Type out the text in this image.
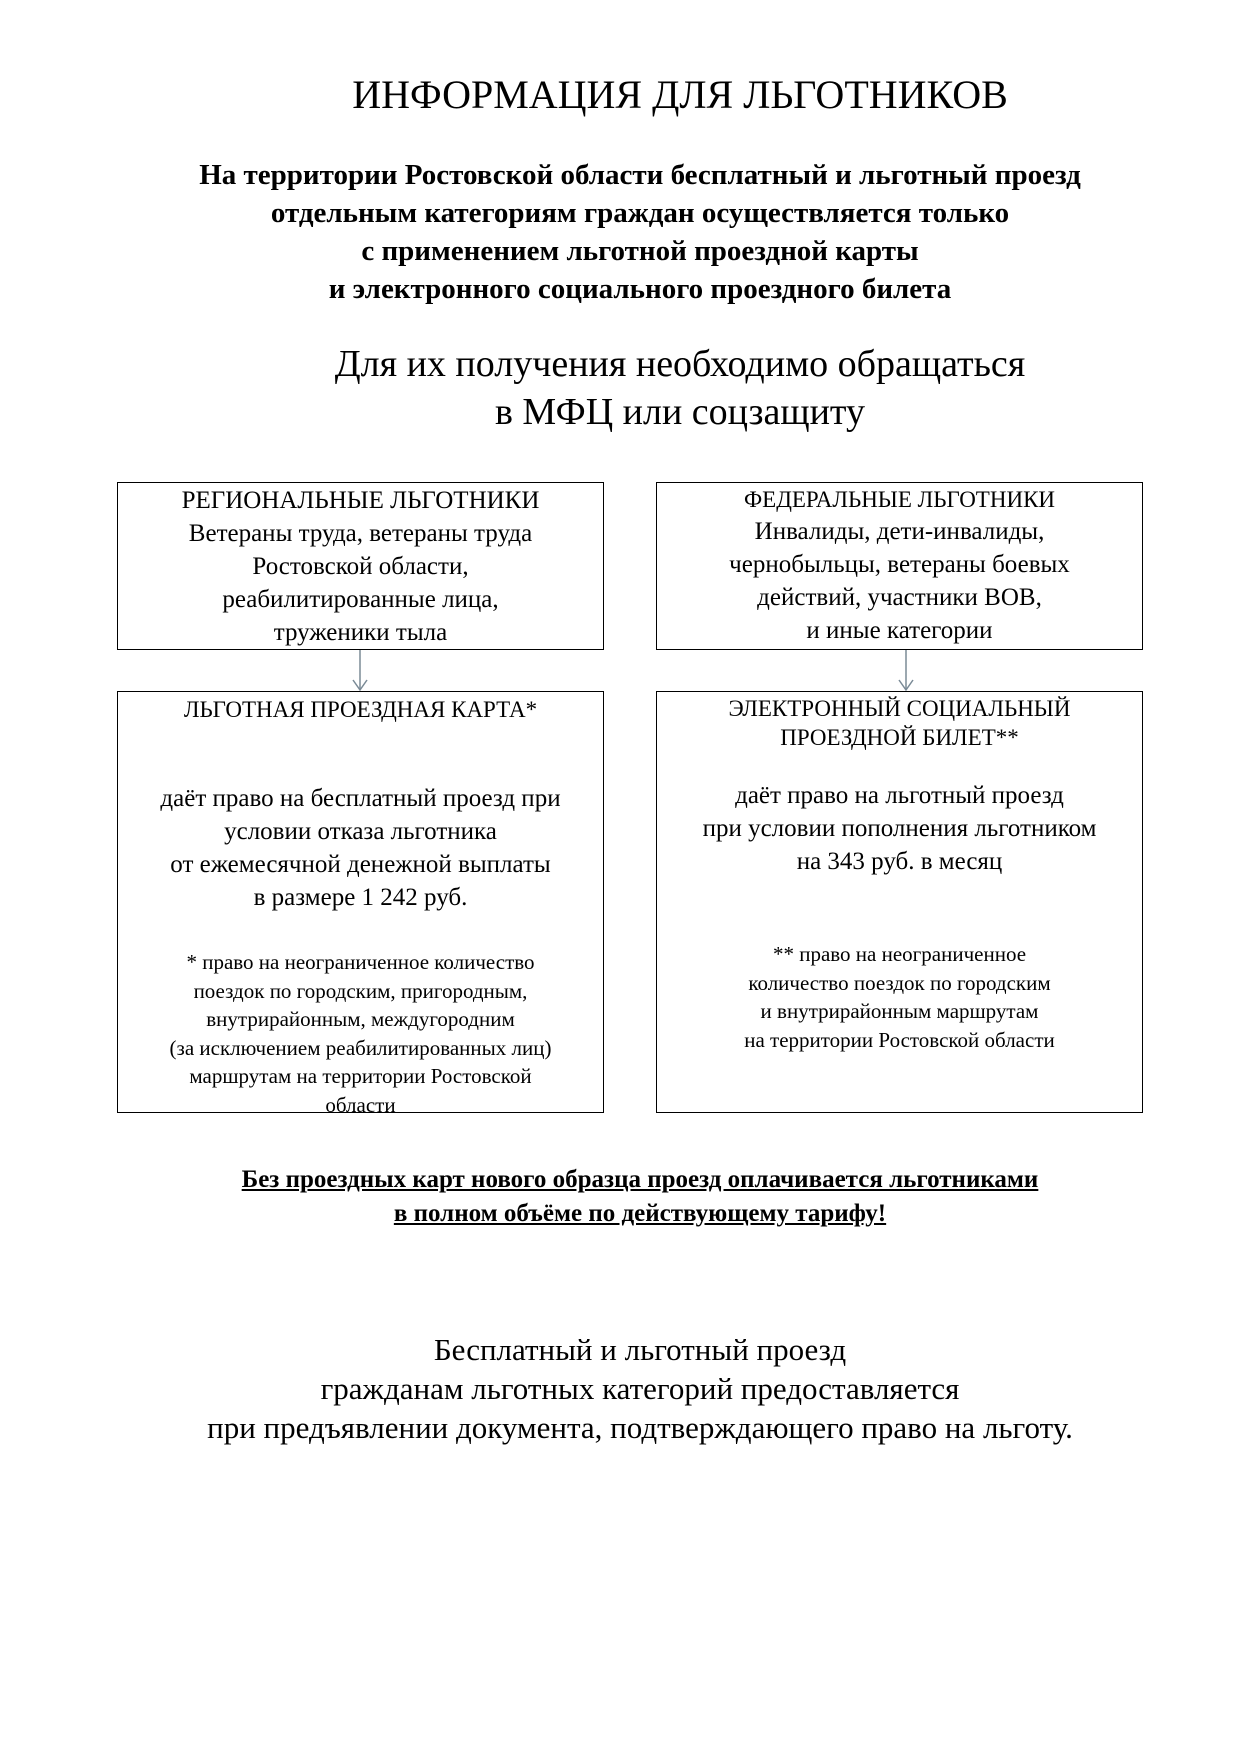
ИНФОРМАЦИЯ ДЛЯ ЛЬГОТНИКОВ
На территории Ростовской области бесплатный и льготный проезд
отдельным категориям граждан осуществляется только
с применением льготной проездной карты
и электронного социального проездного билета
Для их получения необходимо обращаться
в МФЦ или соцзащиту
РЕГИОНАЛЬНЫЕ ЛЬГОТНИКИ
Ветераны труда, ветераны труда
Ростовской области,
реабилитированные лица,
труженики тыла
ФЕДЕРАЛЬНЫЕ ЛЬГОТНИКИ
Инвалиды, дети-инвалиды,
чернобыльцы, ветераны боевых
действий, участники ВОВ,
и иные категории
ЛЬГОТНАЯ ПРОЕЗДНАЯ КАРТА*
даёт право на бесплатный проезд при
условии отказа льготника
от ежемесячной денежной выплаты
в размере 1 242 руб.
* право на неограниченное количество
поездок по городским, пригородным,
внутрирайонным, междугородним
(за исключением реабилитированных лиц)
маршрутам на территории Ростовской
области
ЭЛЕКТРОННЫЙ СОЦИАЛЬНЫЙ
ПРОЕЗДНОЙ БИЛЕТ**
даёт право на льготный проезд
при условии пополнения льготником
на 343 руб. в месяц
** право на неограниченное
количество поездок по городским
и внутрирайонным маршрутам
на территории Ростовской области
Без проездных карт нового образца проезд оплачивается льготниками
в полном объёме по действующему тарифу!
Бесплатный и льготный проезд
гражданам льготных категорий предоставляется
при предъявлении документа, подтверждающего право на льготу.
